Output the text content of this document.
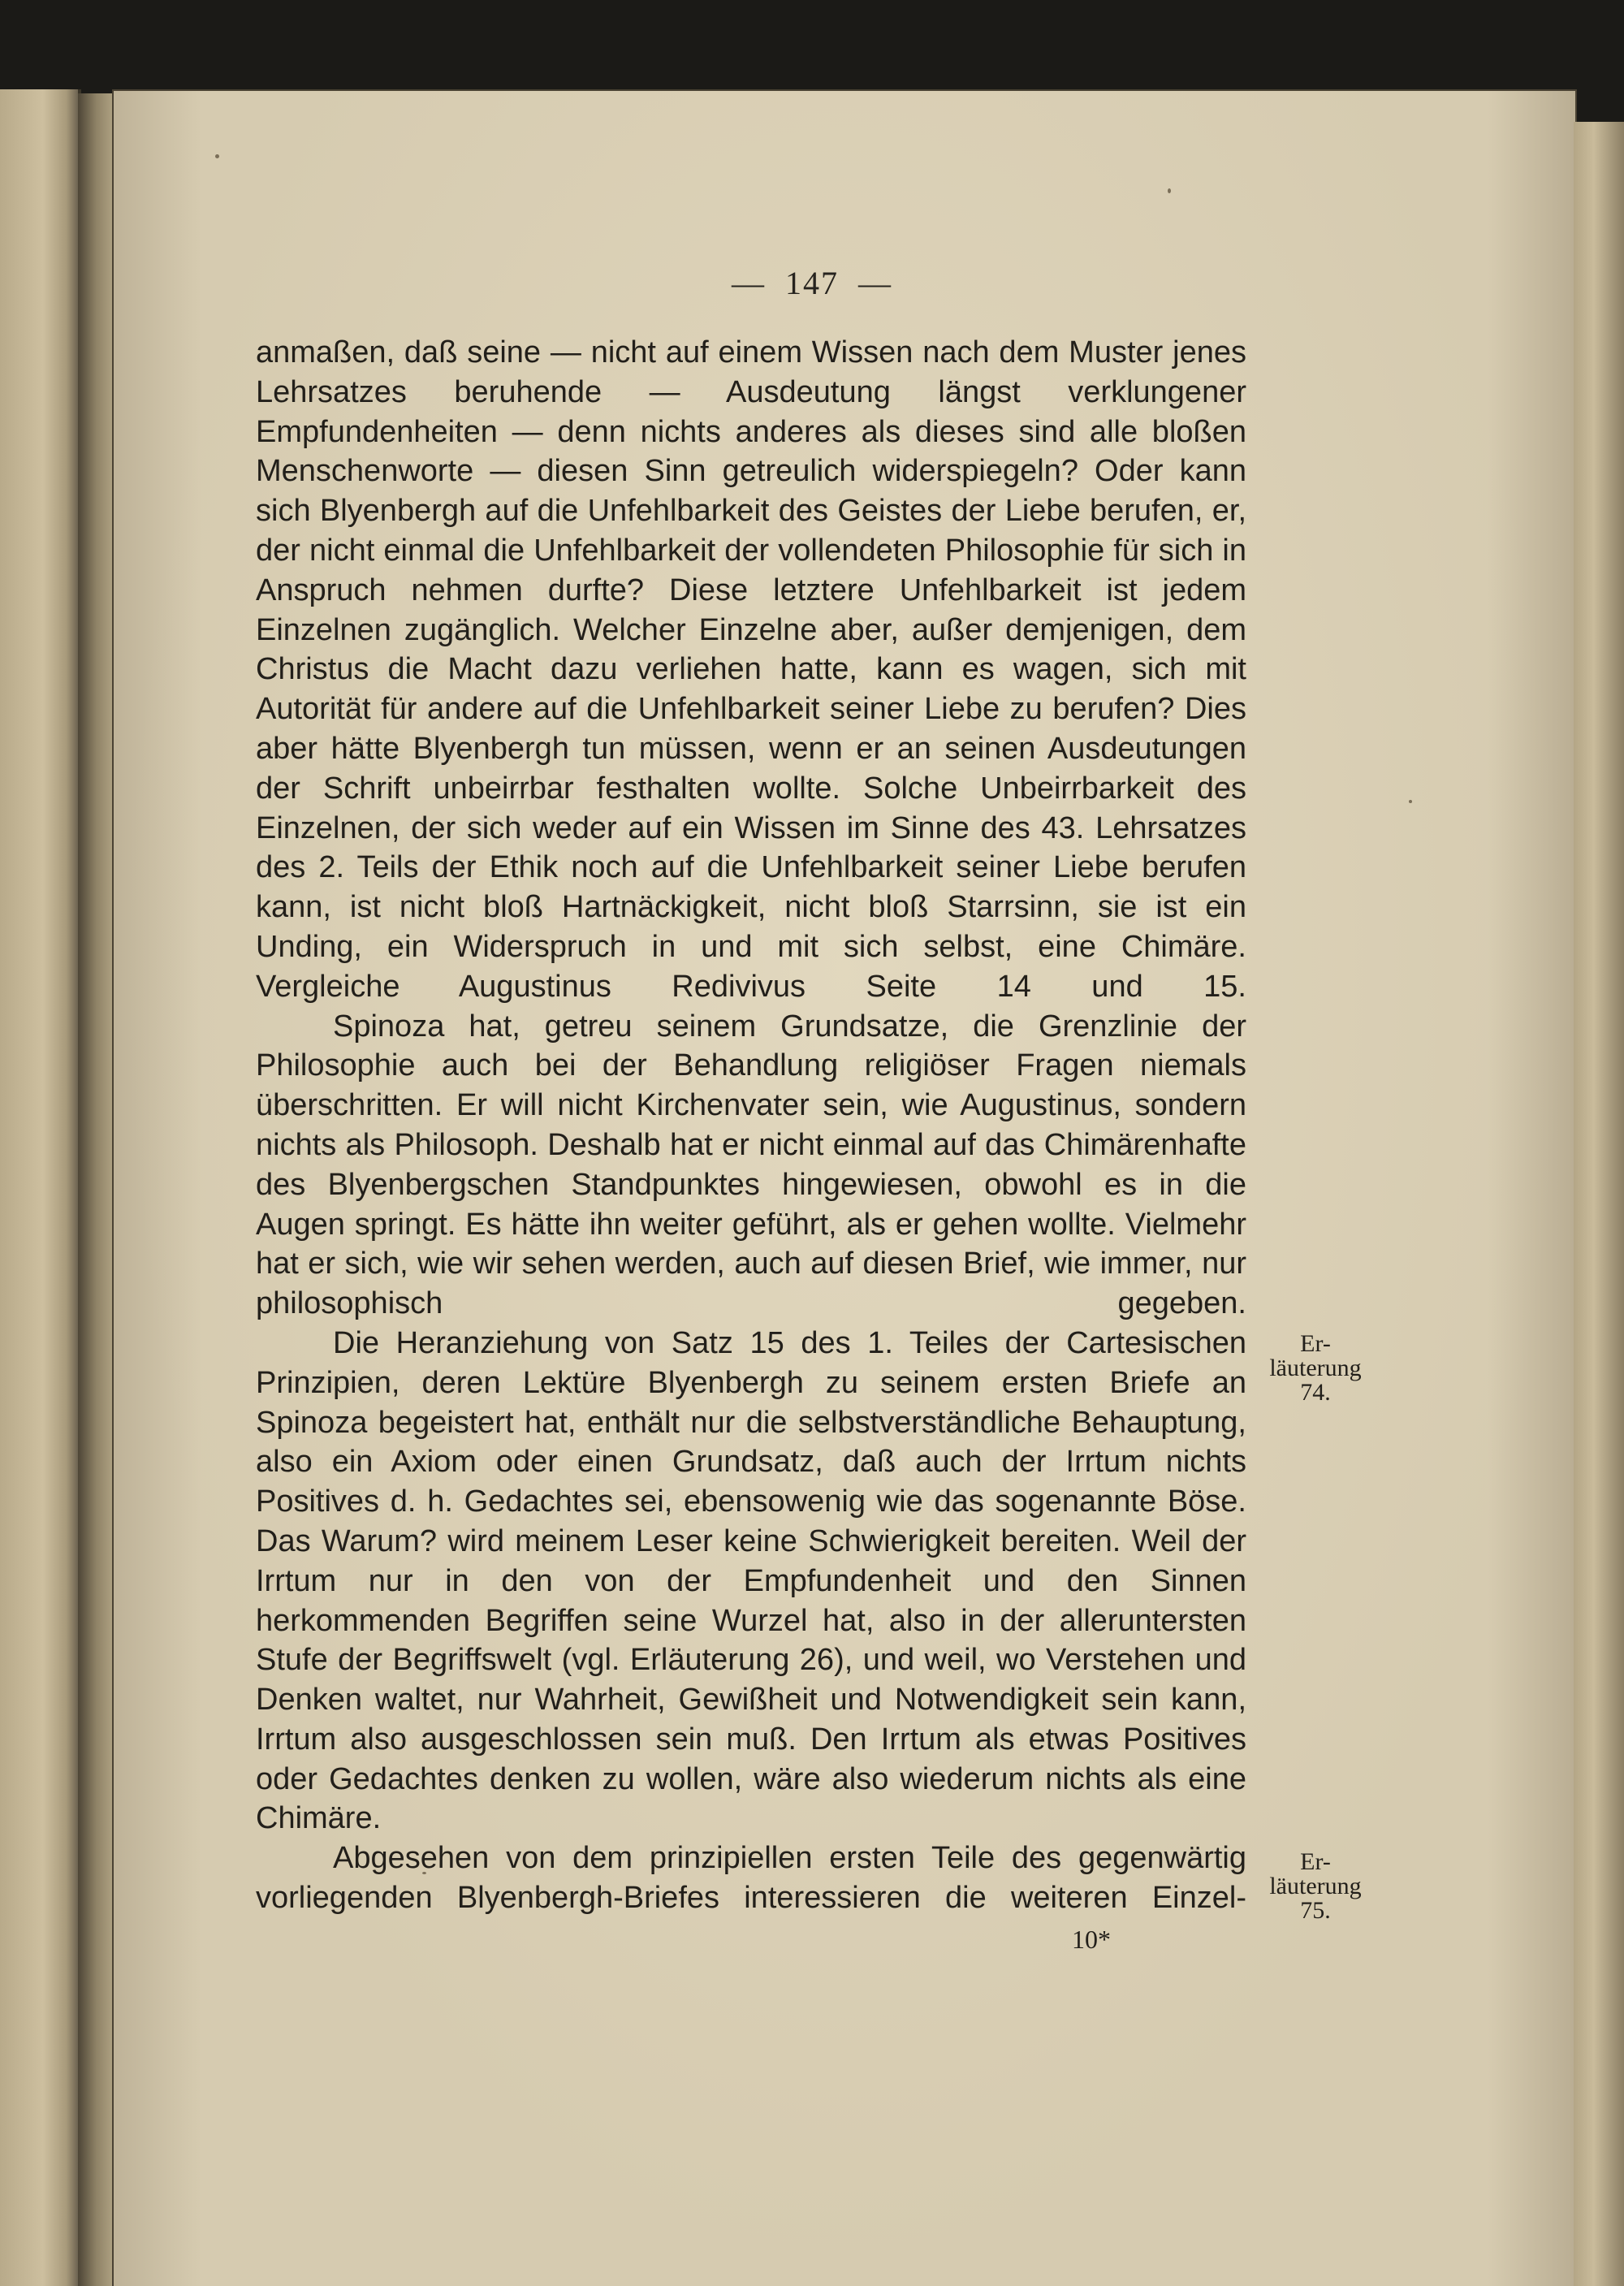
— 147 —

anmaßen, daß seine — nicht auf einem Wissen nach dem Muster jenes Lehrsatzes beruhende — Ausdeutung längst verklungener Empfundenheiten — denn nichts anderes als dieses sind alle bloßen Menschenworte — diesen Sinn getreulich widerspiegeln? Oder kann sich Blyenbergh auf die Unfehlbarkeit des Geistes der Liebe berufen, er, der nicht einmal die Unfehlbarkeit der vollendeten Philosophie für sich in Anspruch nehmen durfte? Diese letztere Unfehlbarkeit ist jedem Einzelnen zugänglich. Welcher Einzelne aber, außer demjenigen, dem Christus die Macht dazu verliehen hatte, kann es wagen, sich mit Autorität für andere auf die Unfehlbarkeit seiner Liebe zu berufen? Dies aber hätte Blyenbergh tun müssen, wenn er an seinen Ausdeutungen der Schrift unbeirrbar festhalten wollte. Solche Unbeirrbarkeit des Einzelnen, der sich weder auf ein Wissen im Sinne des 43. Lehrsatzes des 2. Teils der Ethik noch auf die Unfehlbarkeit seiner Liebe berufen kann, ist nicht bloß Hartnäckigkeit, nicht bloß Starrsinn, sie ist ein Unding, ein Widerspruch in und mit sich selbst, eine Chimäre. Vergleiche Augustinus Redivivus Seite 14 und 15.

Spinoza hat, getreu seinem Grundsatze, die Grenzlinie der Philosophie auch bei der Behandlung religiöser Fragen niemals überschritten. Er will nicht Kirchenvater sein, wie Augustinus, sondern nichts als Philosoph. Deshalb hat er nicht einmal auf das Chimärenhafte des Blyenbergschen Standpunktes hingewiesen, obwohl es in die Augen springt. Es hätte ihn weiter geführt, als er gehen wollte. Vielmehr hat er sich, wie wir sehen werden, auch auf diesen Brief, wie immer, nur philosophisch gegeben.

Die Heranziehung von Satz 15 des 1. Teiles der Cartesischen Prinzipien, deren Lektüre Blyenbergh zu seinem ersten Briefe an Spinoza begeistert hat, enthält nur die selbstverständliche Behauptung, also ein Axiom oder einen Grundsatz, daß auch der Irrtum nichts Positives d. h. Gedachtes sei, ebensowenig wie das sogenannte Böse. Das Warum? wird meinem Leser keine Schwierigkeit bereiten. Weil der Irrtum nur in den von der Empfundenheit und den Sinnen herkommenden Begriffen seine Wurzel hat, also in der alleruntersten Stufe der Begriffswelt (vgl. Erläuterung 26), und weil, wo Verstehen und Denken waltet, nur Wahrheit, Gewißheit und Notwendigkeit sein kann, Irrtum also ausgeschlossen sein muß. Den Irrtum als etwas Positives oder Gedachtes denken zu wollen, wäre also wiederum nichts als eine Chimäre.

Abgesehen von dem prinzipiellen ersten Teile des gegenwärtig vorliegenden Blyenbergh-Briefes interessieren die weiteren Einzel-

Er-
läuterung
74.
Er-
läuterung
75.
10*
